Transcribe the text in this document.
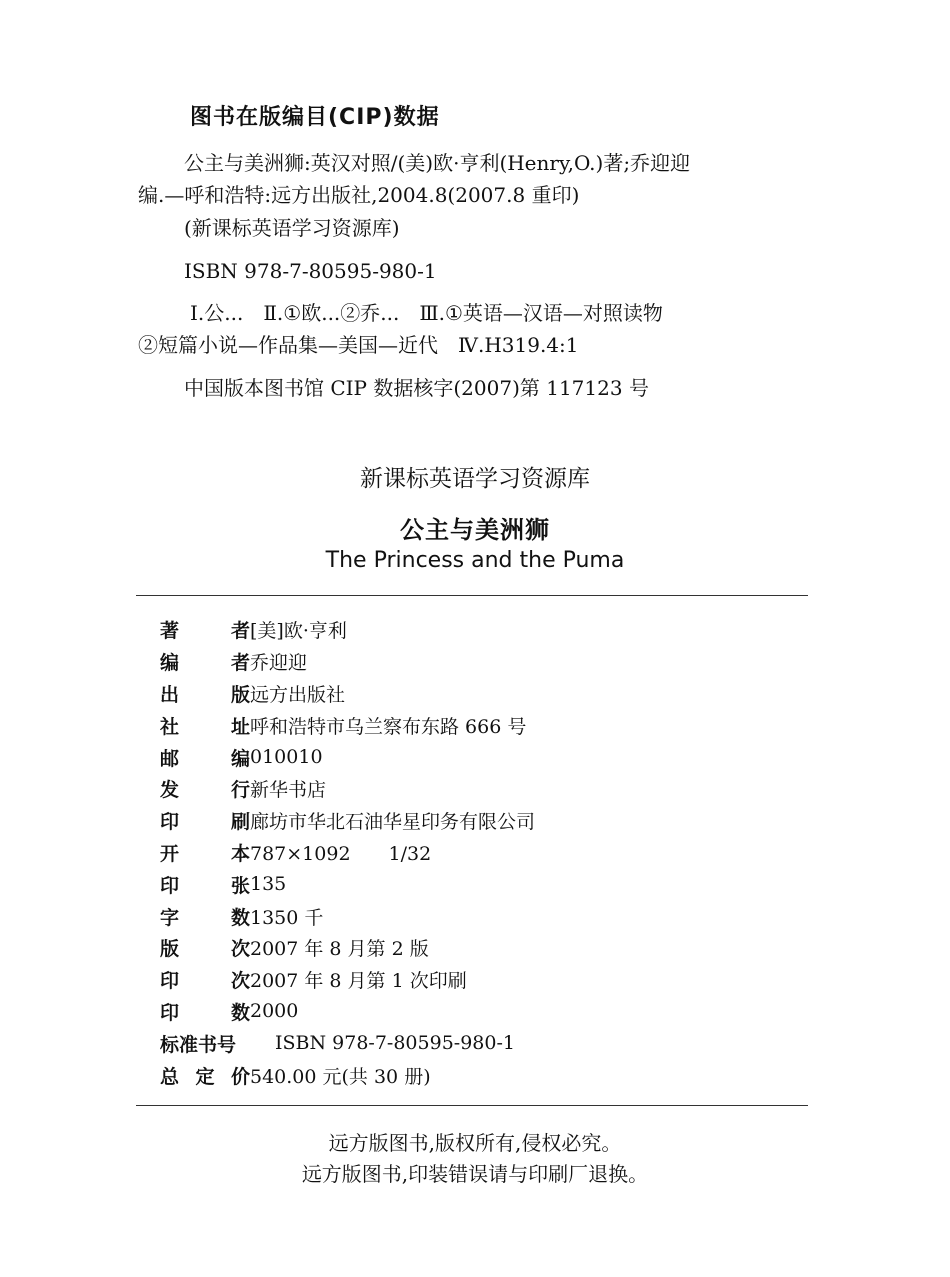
图书在版编目(CIP)数据
公主与美洲狮:英汉对照/(美)欧·亨利(Henry,O.)著;乔迎迎
编.—呼和浩特:远方出版社,2004.8(2007.8 重印)
(新课标英语学习资源库)
ISBN 978-7-80595-980-1
Ⅰ.公...　Ⅱ.①欧...②乔...　Ⅲ.①英语—汉语—对照读物
②短篇小说—作品集—美国—近代　Ⅳ.H319.4:1
中国版本图书馆 CIP 数据核字(2007)第 117123 号
新课标英语学习资源库
公主与美洲狮
The Princess and the Puma
著	者 [美]欧·亨利
编	者 乔迎迎
出	版 远方出版社
社	址 呼和浩特市乌兰察布东路 666 号
邮	编 010010
发	行 新华书店
印	刷 廊坊市华北石油华星印务有限公司
开	本 787×1092　　1/32
印	张 135
字	数 1350 千
版	次 2007 年 8 月第 2 版
印	次 2007 年 8 月第 1 次印刷
印	数 2000
标准书号	ISBN 978-7-80595-980-1
总 定 价 540.00 元(共 30 册)
远方版图书,版权所有,侵权必究。
远方版图书,印装错误请与印刷厂退换。
